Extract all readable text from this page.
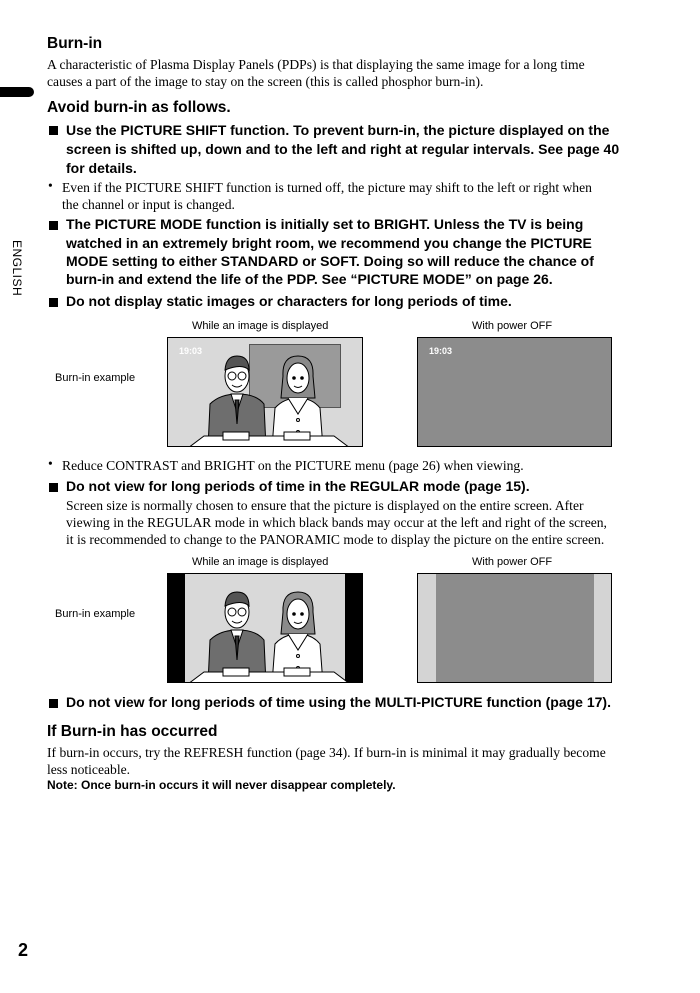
ENGLISH
Burn-in
A characteristic of Plasma Display Panels (PDPs) is that displaying the same image for a long time
causes a part of the image to stay on the screen (this is called phosphor burn-in).
Avoid burn-in as follows.
Use the PICTURE SHIFT function. To prevent burn-in, the picture displayed on the
screen is shifted up, down and to the left and right at regular intervals. See page 40
for details.
• Even if the PICTURE SHIFT function is turned off, the picture may shift to the left or right when
the channel or input is changed.
The PICTURE MODE function is initially set to BRIGHT. Unless the TV is being
watched in an extremely bright room, we recommend you change the PICTURE
MODE setting to either STANDARD or SOFT. Doing so will reduce the chance of
burn-in and extend the life of the PDP. See “PICTURE MODE” on page 26.
Do not display static images or characters for long periods of time.
While an image is displayed	With power OFF
Burn-in example
19:03	19:03
• Reduce CONTRAST and BRIGHT on the PICTURE menu (page 26) when viewing.
Do not view for long periods of time in the REGULAR mode (page 15).
Screen size is normally chosen to ensure that the picture is displayed on the entire screen. After
viewing in the REGULAR mode in which black bands may occur at the left and right of the screen,
it is recommended to change to the PANORAMIC mode to display the picture on the entire screen.
While an image is displayed	With power OFF
Burn-in example
Do not view for long periods of time using the MULTI-PICTURE function (page 17).
If Burn-in has occurred
If burn-in occurs, try the REFRESH function (page 34). If burn-in is minimal it may gradually become
less noticeable.
Note: Once burn-in occurs it will never disappear completely.
2
